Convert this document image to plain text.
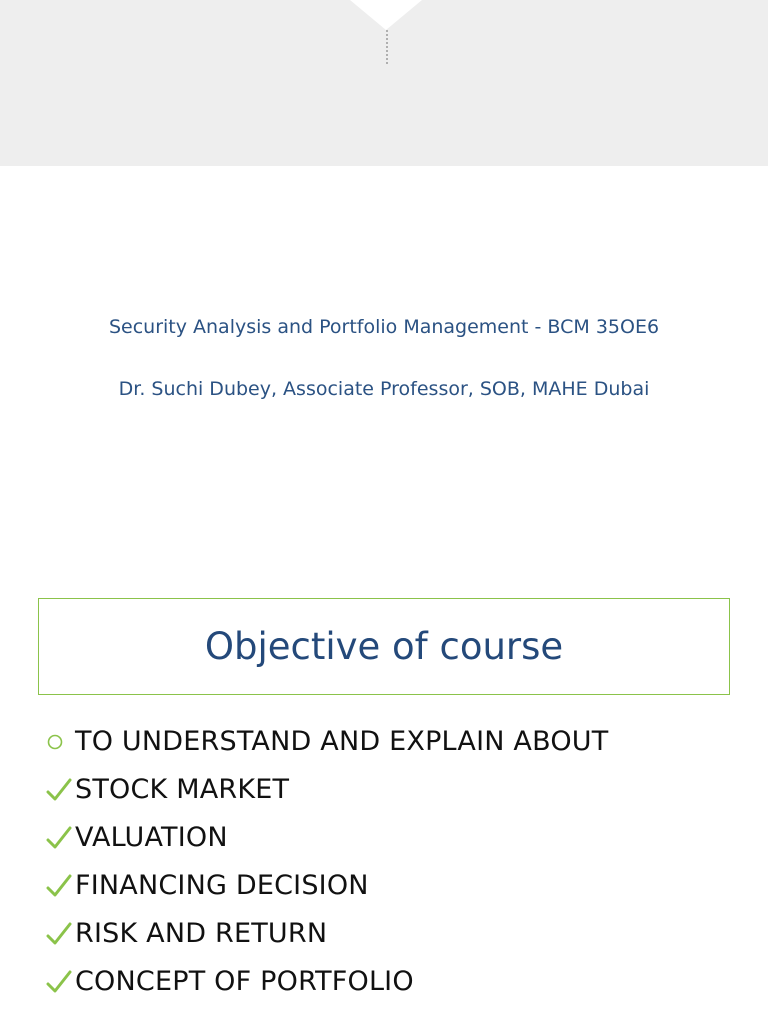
Security Analysis and Portfolio Management - BCM 35OE6
Dr. Suchi Dubey, Associate Professor, SOB, MAHE Dubai
Objective of course
TO UNDERSTAND AND EXPLAIN ABOUT
STOCK MARKET
VALUATION
FINANCING DECISION
RISK AND RETURN
CONCEPT OF PORTFOLIO
